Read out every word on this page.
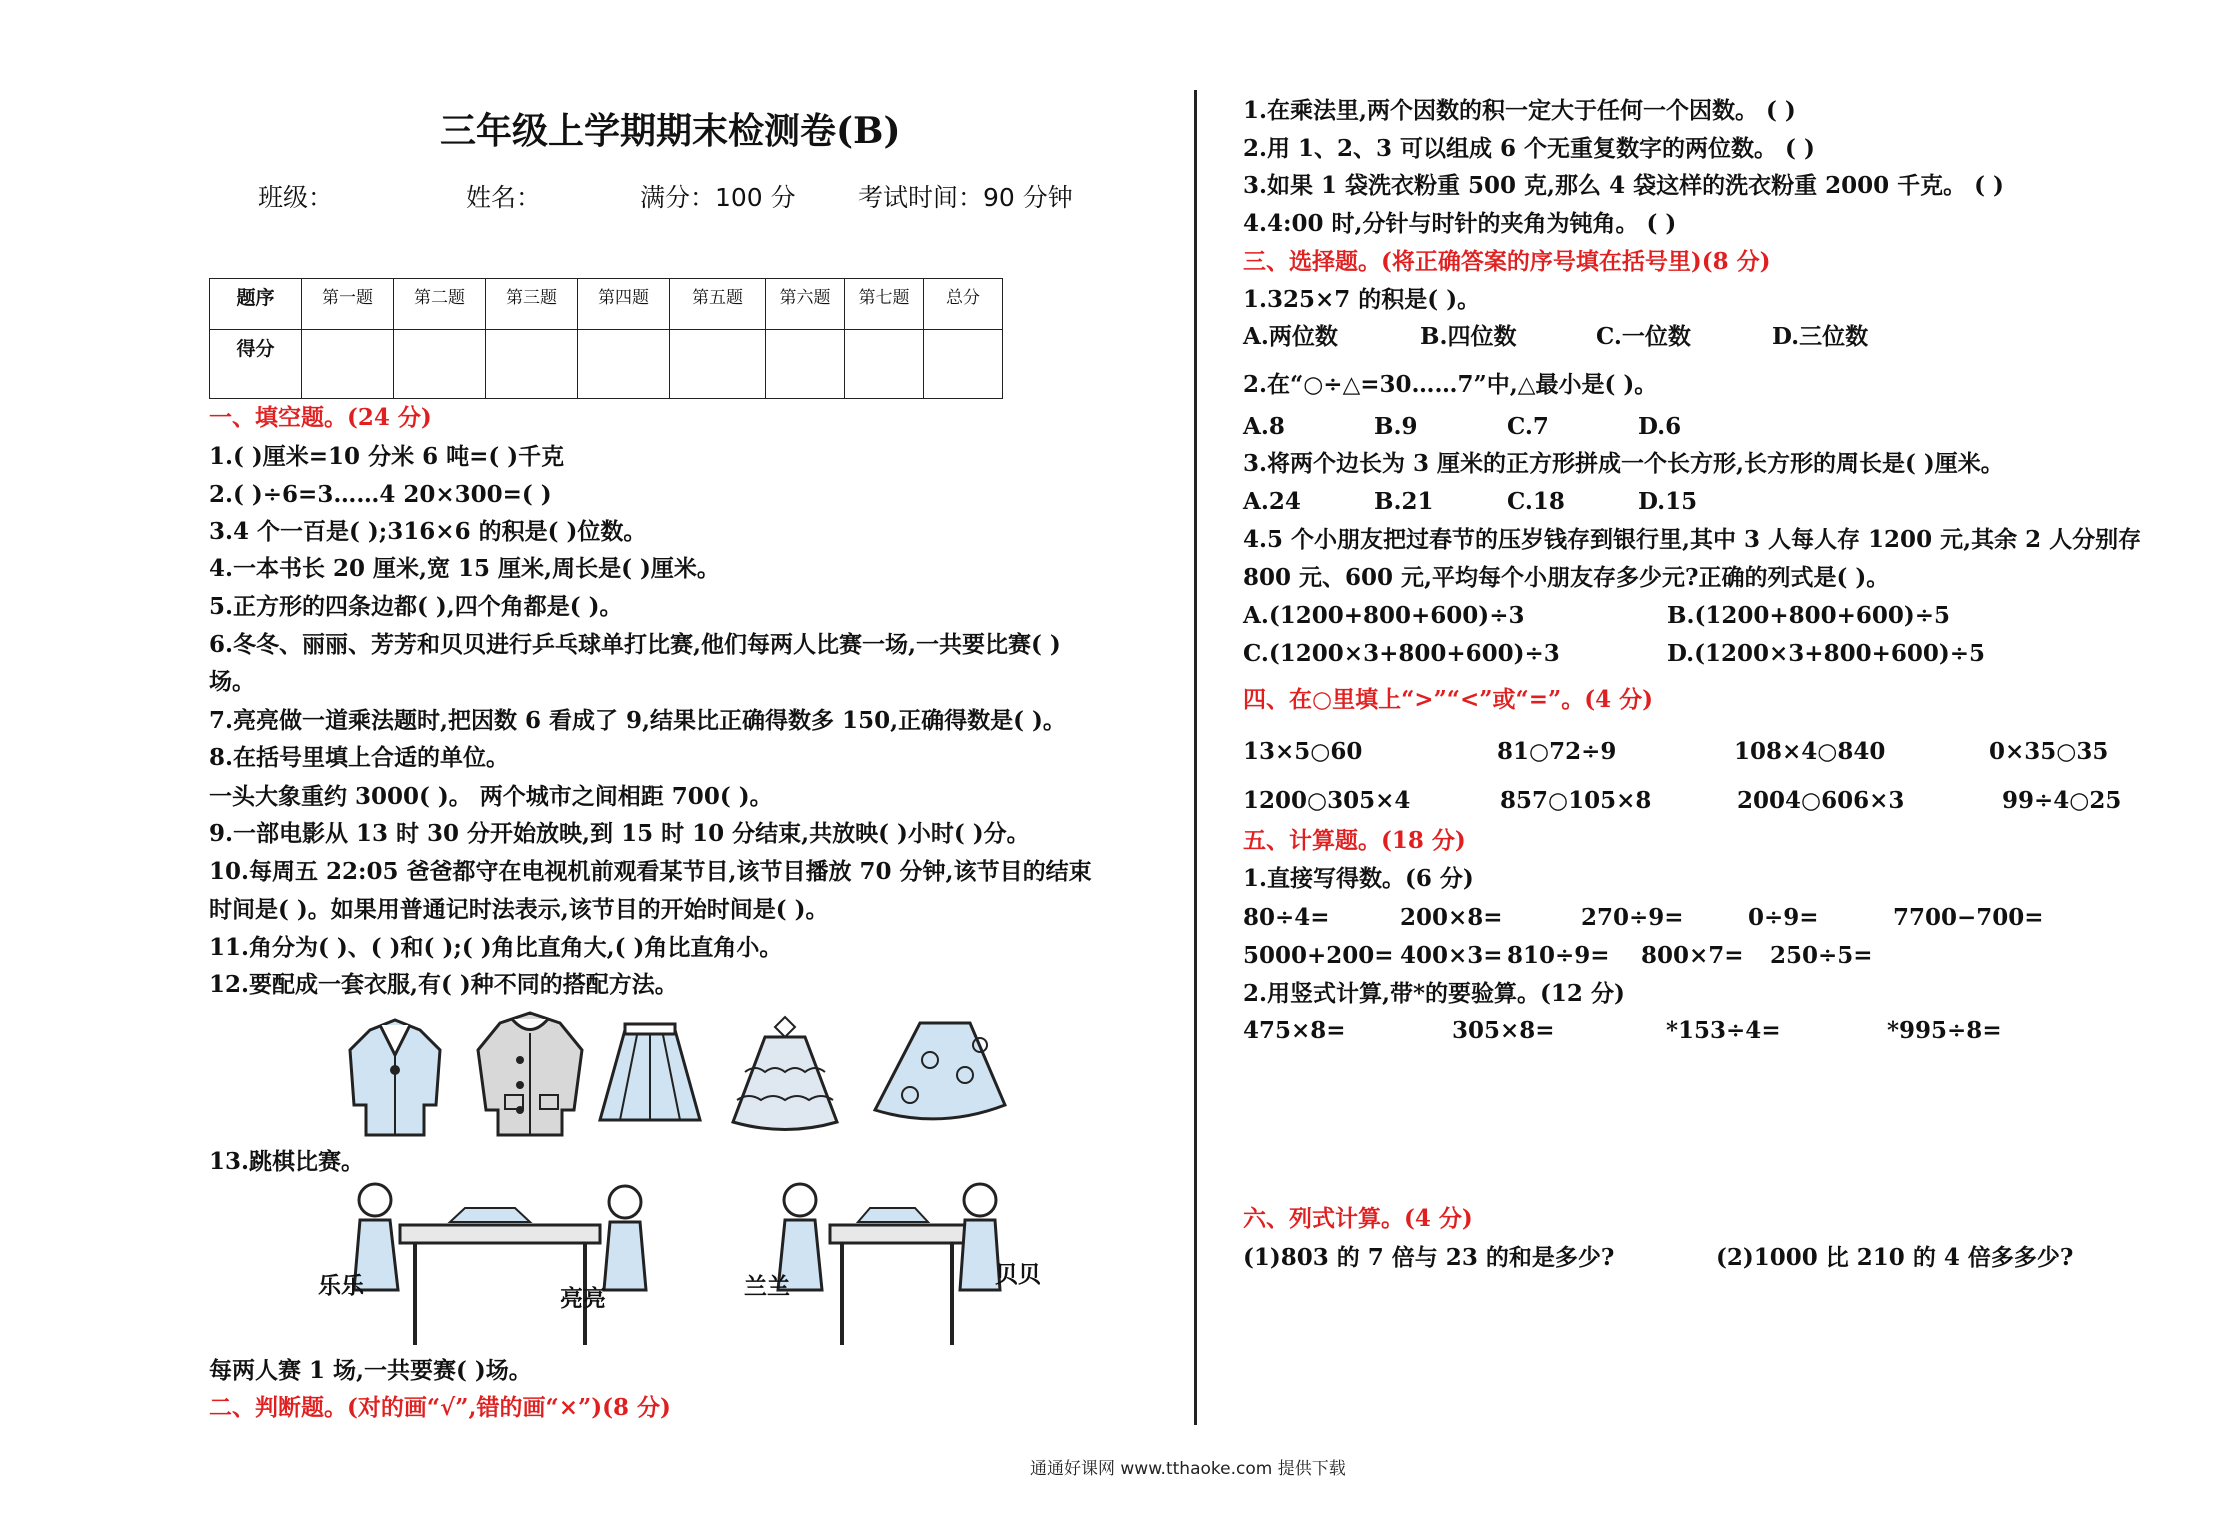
三年级上学期期末检测卷(B)
班级：	姓名：	满分：100 分 考试时间：90 分钟
题序	第一题	第二题	第三题	第四题	第五题	第六题	第七题	总分
得分								
一、填空题。(24 分)
1.( )厘米=10 分米 6 吨=( )千克
2.( )÷6=3……4 20×300=( )
3.4 个一百是( );316×6 的积是( )位数。
4.一本书长 20 厘米,宽 15 厘米,周长是( )厘米。
5.正方形的四条边都( ),四个角都是( )。
6.冬冬、丽丽、芳芳和贝贝进行乒乓球单打比赛,他们每两人比赛一场,一共要比赛( )
场。
7.亮亮做一道乘法题时,把因数 6 看成了 9,结果比正确得数多 150,正确得数是( )。
8.在括号里填上合适的单位。
一头大象重约 3000( )。 两个城市之间相距 700( )。
9.一部电影从 13 时 30 分开始放映,到 15 时 10 分结束,共放映( )小时( )分。
10.每周五 22:05 爸爸都守在电视机前观看某节目,该节目播放 70 分钟,该节目的结束
时间是( )。如果用普通记时法表示,该节目的开始时间是( )。
11.角分为( )、( )和( );( )角比直角大,( )角比直角小。
12.要配成一套衣服,有( )种不同的搭配方法。
13.跳棋比赛。
乐乐	亮亮	兰兰	贝贝
每两人赛 1 场,一共要赛( )场。
二、判断题。(对的画“√”,错的画“×”)(8 分)
1.在乘法里,两个因数的积一定大于任何一个因数。 ( )
2.用 1、2、3 可以组成 6 个无重复数字的两位数。 ( )
3.如果 1 袋洗衣粉重 500 克,那么 4 袋这样的洗衣粉重 2000 千克。 ( )
4.4:00 时,分针与时针的夹角为钝角。 ( )
三、选择题。(将正确答案的序号填在括号里)(8 分)
1.325×7 的积是( )。
A.两位数	B.四位数	C.一位数	D.三位数
2.在“○÷△=30……7”中,△最小是( )。
A.8	B.9	C.7	D.6
3.将两个边长为 3 厘米的正方形拼成一个长方形,长方形的周长是( )厘米。
A.24	B.21	C.18	D.15
4.5 个小朋友把过春节的压岁钱存到银行里,其中 3 人每人存 1200 元,其余 2 人分别存
800 元、600 元,平均每个小朋友存多少元?正确的列式是( )。
A.(1200+800+600)÷3	B.(1200+800+600)÷5
C.(1200×3+800+600)÷3	D.(1200×3+800+600)÷5
四、在○里填上“>”“<”或“=”。(4 分)
13×5○60	81○72÷9	108×4○840	0×35○35
1200○305×4	857○105×8	2004○606×3	99÷4○25
五、计算题。(18 分)
1.直接写得数。(6 分)
80÷4=	200×8=	270÷9=	0÷9=	7700−700=
5000+200= 400×3= 810÷9= 800×7= 250÷5=
2.用竖式计算,带*的要验算。(12 分)
475×8=	305×8=	*153÷4=	*995÷8=
六、列式计算。(4 分)
(1)803 的 7 倍与 23 的和是多少?	(2)1000 比 210 的 4 倍多多少?
通通好课网 www.tthaoke.com 提供下载
